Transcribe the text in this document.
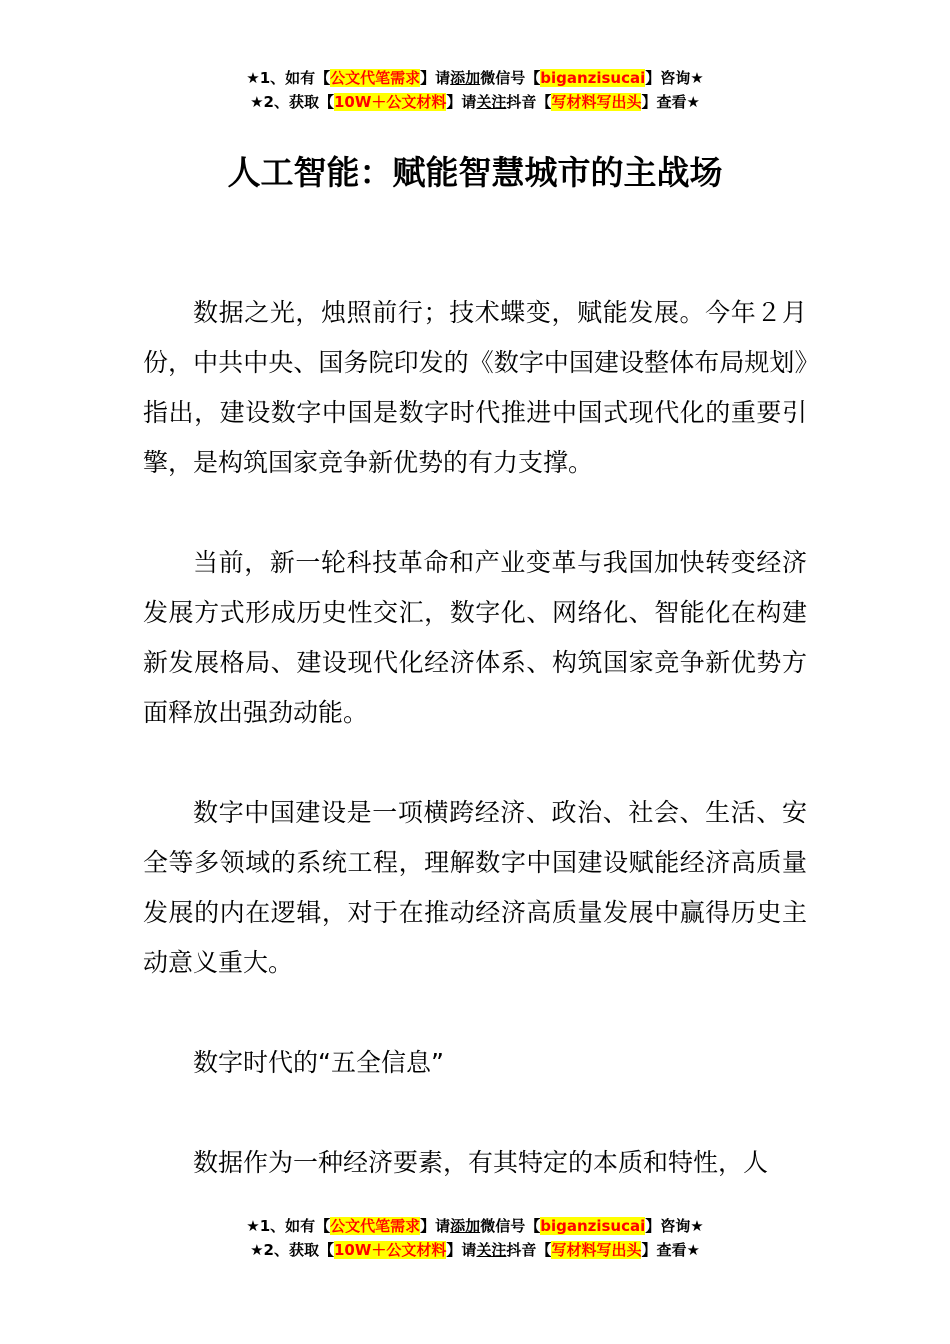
★1、如有【公文代笔需求】请添加微信号【biganzisucai】咨询★
★2、获取【10W＋公文材料】请关注抖音【写材料写出头】查看★
人工智能：赋能智慧城市的主战场

数据之光，烛照前行；技术蝶变，赋能发展。今年２月份，中共中央、国务院印发的《数字中国建设整体布局规划》指出，建设数字中国是数字时代推进中国式现代化的重要引擎，是构筑国家竞争新优势的有力支撑。

当前，新一轮科技革命和产业变革与我国加快转变经济发展方式形成历史性交汇，数字化、网络化、智能化在构建新发展格局、建设现代化经济体系、构筑国家竞争新优势方面释放出强劲动能。

数字中国建设是一项横跨经济、政治、社会、生活、安全等多领域的系统工程，理解数字中国建设赋能经济高质量发展的内在逻辑，对于在推动经济高质量发展中赢得历史主动意义重大。

数字时代的“五全信息”

数据作为一种经济要素，有其特定的本质和特性，人

★1、如有【公文代笔需求】请添加微信号【biganzisucai】咨询★
★2、获取【10W＋公文材料】请关注抖音【写材料写出头】查看★
